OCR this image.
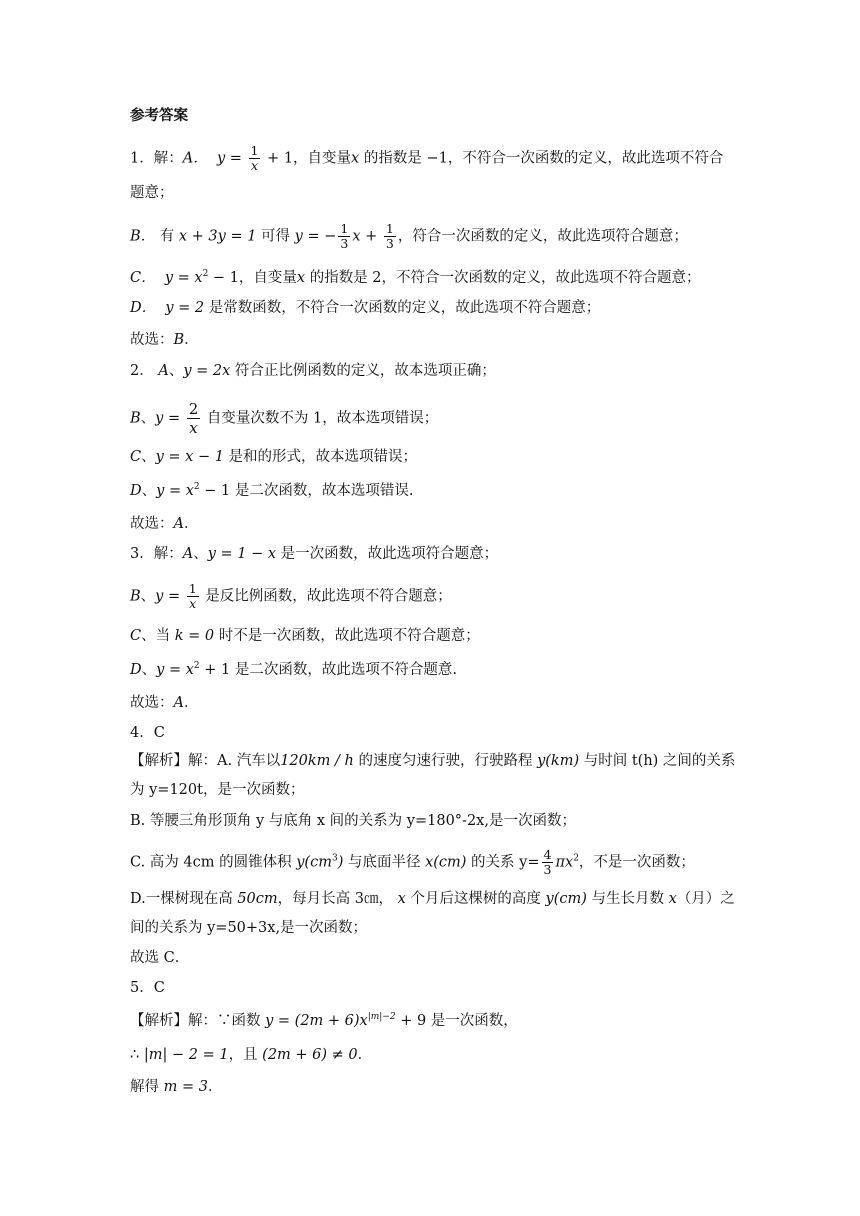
参考答案
1．解：A． $y = \frac{1}{x} + 1$，自变量x 的指数是 −1，不符合一次函数的定义，故此选项不符合
题意；
B． 有 x + 3y = 1 可得 y = − $\frac{1}{3}$ $x + \frac{1}{3}$ ，符合一次函数的定义，故此选项符合题意；
C． $y = x^2 - 1$，自变量x 的指数是 2，不符合一次函数的定义，故此选项不符合题意；
D． y = 2 是常数函数，不符合一次函数的定义，故此选项不符合题意；
故选：B．
2． A、y = 2x 符合正比例函数的定义，故本选项正确；
B、$y = \frac{2}{x}$ 自变量次数不为 1，故本选项错误；
C、y = x − 1 是和的形式，故本选项错误；
D、$y = x^2 - 1$ 是二次函数，故本选项错误.
故选：A．
3．解：A、y = 1 − x 是一次函数，故此选项符合题意；
B、$y = \frac{1}{x}$ 是反比例函数，故此选项不符合题意；
C、当 k = 0 时不是一次函数，故此选项不符合题意；
D、$y = x^2 + 1$ 是二次函数，故此选项不符合题意.
故选：A．
4．C
【解析】解：A. 汽车以120km / h 的速度匀速行驶，行驶路程 y(km) 与时间 t(h) 之间的关系
为 y=120t，是一次函数；
B. 等腰三角形顶角 y 与底角 x 间的关系为 y=180°-2x,是一次函数；
C. 高为 4cm 的圆锥体积 $y(cm^3)$ 与底面半径 x(cm) 的关系 $y= \frac{4}{3} \pi x^2$，不是一次函数；
D.一棵树现在高 50cm，每月长高 3㎝， x 个月后这棵树的高度 y(cm) 与生长月数 x（月）之
间的关系为 y=50+3x,是一次函数；
故选 C．
5．C
【解析】解：∵函数 $y = (2m + 6)x^{|m|-2} + 9$ 是一次函数，
∴ |m| − 2 = 1，且 (2m + 6) ≠ 0．
解得 m = 3．
